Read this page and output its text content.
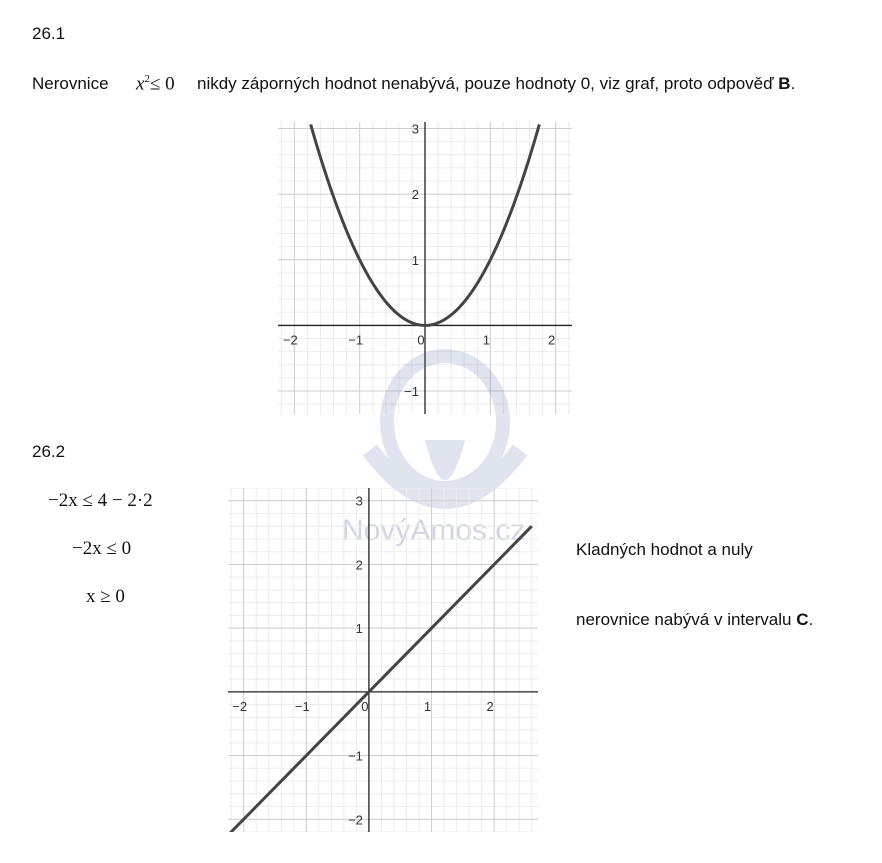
26.1
Nerovnice $x^2\le 0$ nikdy záporných hodnot nenabývá, pouze hodnoty 0, viz graf, proto odpověď B.
−2	−1	0	1	2
−1
1
2
3
NovýAmos.cz
26.2
−2x ≤ 4 − 2·2
−2x ≤ 0
x ≥ 0
−2	−1	0	1	2
−2
−1
1
2
3
Kladných hodnot a nuly
nerovnice nabývá v intervalu C.
